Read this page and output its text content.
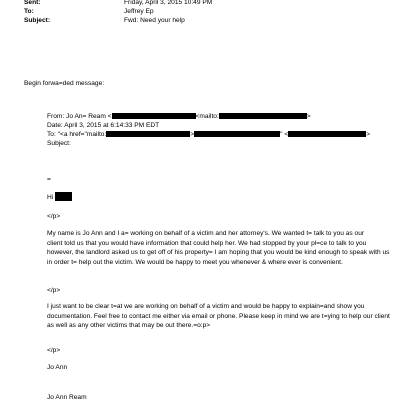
Sent:	Friday, April 3, 2015 10:49 PM
To:	Jeffrey Ep
Subject:	Fwd: Need your help
Begin forwa=ded message:
From: Jo An= Ream <	<mailto:	>
Date: April 3, 2015 at 6:14:33 PM EDT
To: "<a href="mailto:	>	" <	>
Subject:
=
Hi
</p>
My name is Jo Ann and I a= working on behalf of a victim and her attorney's. We wanted t= talk to you as our
client told us that you would have information that could help her. We had stopped by your pl=ce to talk to you
however, the landlord asked us to get off of his property= I am hoping that you would be kind enough to speak with us
in order t= help out the victim. We would be happy to meet you whenever & where ever is convenient.
</p>
I just want to be clear t=at we are working on behalf of a victim and would be happy to explain=and show you
documentation. Feel free to contact me either via email or phone. Please keep in mind we are t=ying to help our client
as well as any other victims that may be out there.=o:p>
</p>
Jo Ann
Jo Ann Ream
